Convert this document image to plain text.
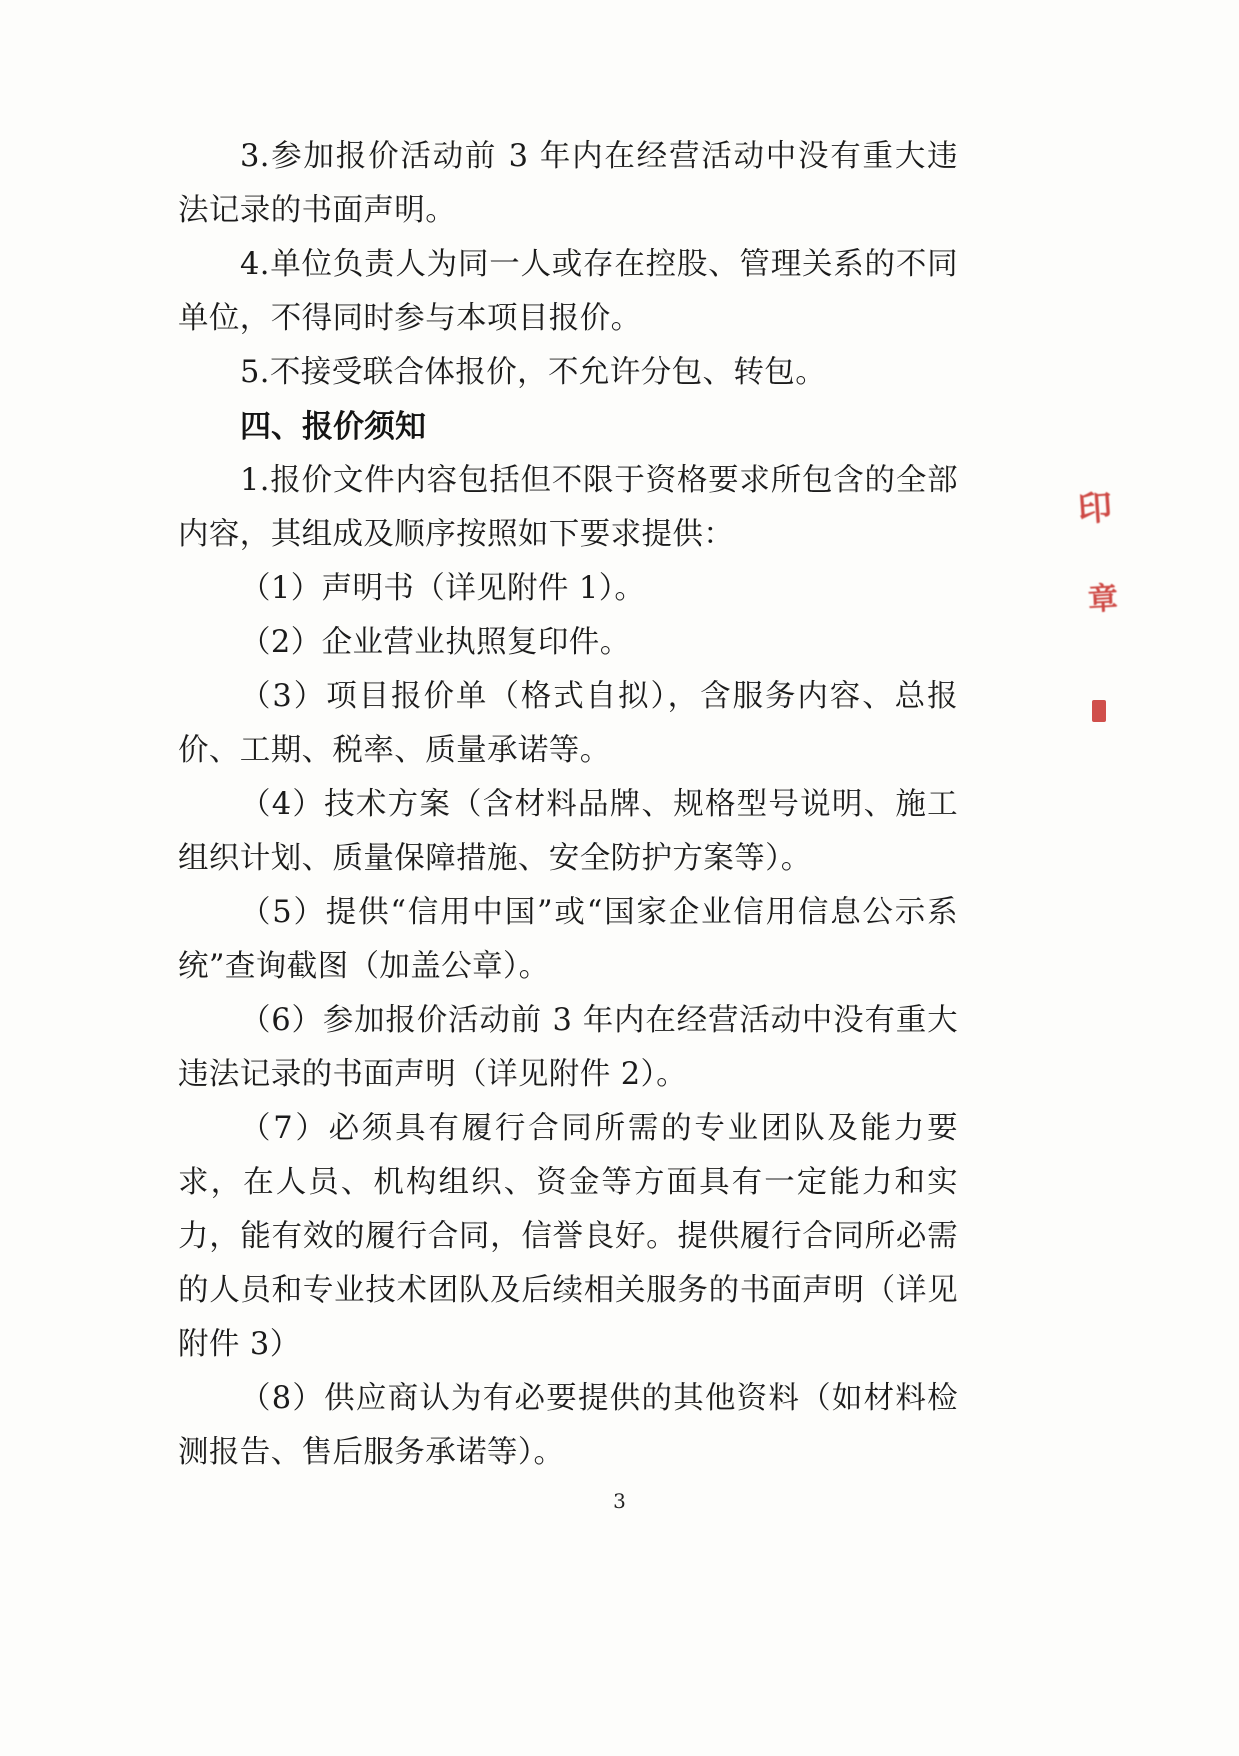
3.参加报价活动前 3 年内在经营活动中没有重大违法记录的书面声明。

4.单位负责人为同一人或存在控股、管理关系的不同单位，不得同时参与本项目报价。

5.不接受联合体报价，不允许分包、转包。

四、报价须知

1.报价文件内容包括但不限于资格要求所包含的全部内容，其组成及顺序按照如下要求提供：

（1）声明书（详见附件 1）。

（2）企业营业执照复印件。

（3）项目报价单（格式自拟），含服务内容、总报价、工期、税率、质量承诺等。

（4）技术方案（含材料品牌、规格型号说明、施工组织计划、质量保障措施、安全防护方案等）。

（5）提供“信用中国”或“国家企业信用信息公示系统”查询截图（加盖公章）。

（6）参加报价活动前 3 年内在经营活动中没有重大违法记录的书面声明（详见附件 2）。

（7）必须具有履行合同所需的专业团队及能力要求，在人员、机构组织、资金等方面具有一定能力和实力，能有效的履行合同，信誉良好。提供履行合同所必需的人员和专业技术团队及后续相关服务的书面声明（详见附件 3）

（8）供应商认为有必要提供的其他资料（如材料检测报告、售后服务承诺等）。

印
章
3
